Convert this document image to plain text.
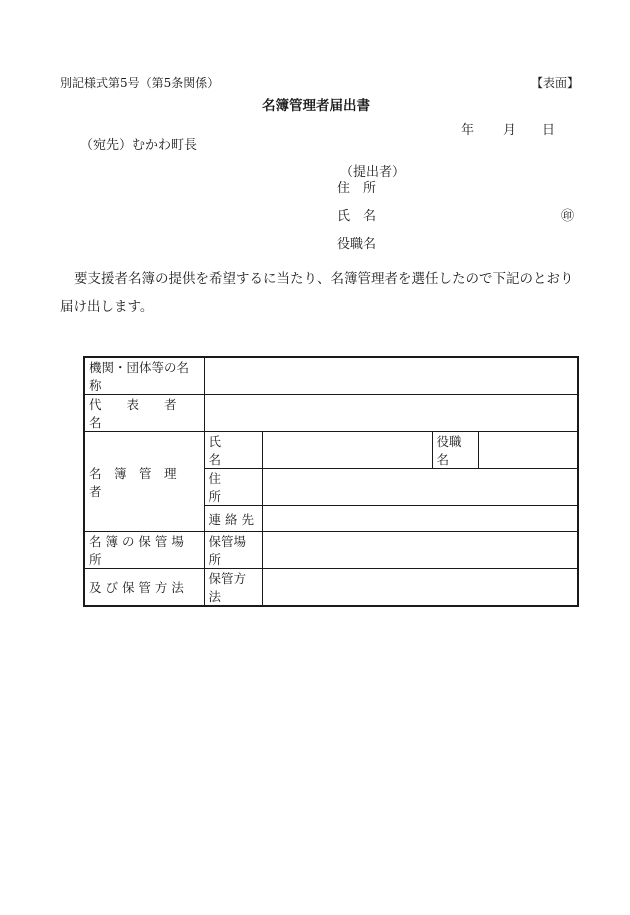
別記様式第5号（第5条関係）	【表面】
名簿管理者届出書
年 月 日
（宛先）むかわ町長
（提出者）
住　所
氏　名	㊞
役職名
要支援者名簿の提供を希望するに当たり、名簿管理者を選任したので下記のとおり
届け出します。
機関・団体等の名称				
代　　表　　者　　名				
名　簿　管　理　者	氏　　名		役職名	
	住　　所			
	連 絡 先			
名 簿 の 保 管 場 所	保管場所			
及 び 保 管 方 法	保管方法			
